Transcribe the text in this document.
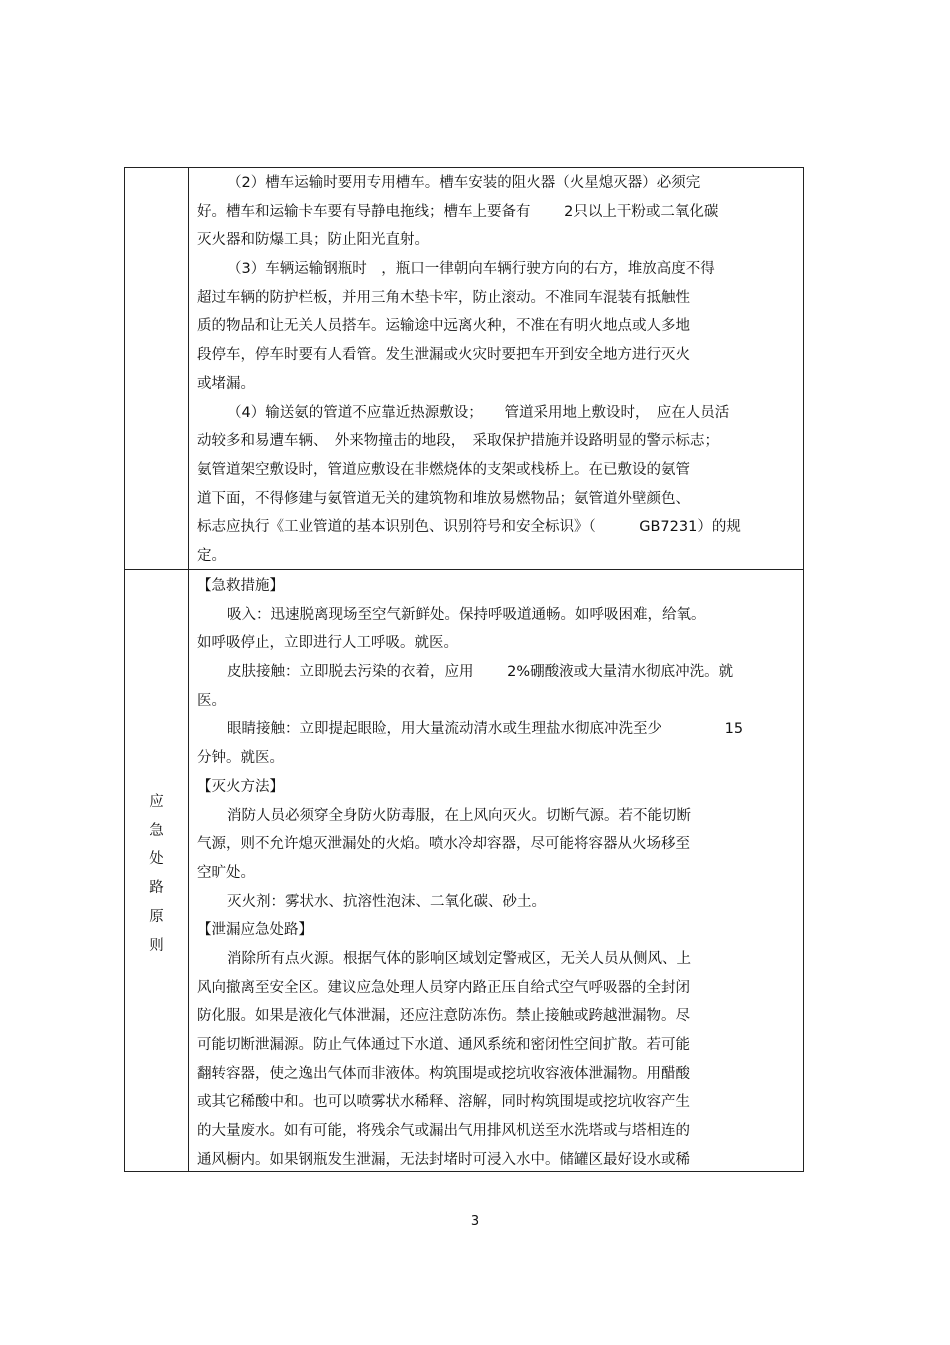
（2）槽车运输时要用专用槽车。槽车安装的阻火器（火星熄灭器）必须完
好。槽车和运输卡车要有导静电拖线；槽车上要备有　　 2只以上干粉或二氧化碳
灭火器和防爆工具；防止阳光直射。
（3）车辆运输钢瓶时　，瓶口一律朝向车辆行驶方向的右方，堆放高度不得
超过车辆的防护栏板，并用三角木垫卡牢，防止滚动。不准同车混装有抵触性
质的物品和让无关人员搭车。运输途中远离火种，不准在有明火地点或人多地
段停车，停车时要有人看管。发生泄漏或火灾时要把车开到安全地方进行灭火
或堵漏。
（4）输送氨的管道不应靠近热源敷设；　　管道采用地上敷设时，　应在人员活
动较多和易遭车辆、　外来物撞击的地段，　采取保护措施并设路明显的警示标志；
氨管道架空敷设时，管道应敷设在非燃烧体的支架或栈桥上。在已敷设的氨管
道下面，不得修建与氨管道无关的建筑物和堆放易燃物品；氨管道外壁颜色、
标志应执行《工业管道的基本识别色、识别符号和安全标识》（　　　GB7231）的规
定。
应
急
处
路
原
则
【急救措施】
吸入：迅速脱离现场至空气新鲜处。保持呼吸道通畅。如呼吸困难，给氧。
如呼吸停止，立即进行人工呼吸。就医。
皮肤接触：立即脱去污染的衣着，应用　　 2%硼酸液或大量清水彻底冲洗。就
医。
眼睛接触：立即提起眼睑，用大量流动清水或生理盐水彻底冲洗至少　　　　 15
分钟。就医。
【灭火方法】
消防人员必须穿全身防火防毒服，在上风向灭火。切断气源。若不能切断
气源，则不允许熄灭泄漏处的火焰。喷水冷却容器，尽可能将容器从火场移至
空旷处。
灭火剂：雾状水、抗溶性泡沫、二氧化碳、砂土。
【泄漏应急处路】
消除所有点火源。根据气体的影响区域划定警戒区，无关人员从侧风、上
风向撤离至安全区。建议应急处理人员穿内路正压自给式空气呼吸器的全封闭
防化服。如果是液化气体泄漏，还应注意防冻伤。禁止接触或跨越泄漏物。尽
可能切断泄漏源。防止气体通过下水道、通风系统和密闭性空间扩散。若可能
翻转容器，使之逸出气体而非液体。构筑围堤或挖坑收容液体泄漏物。用醋酸
或其它稀酸中和。也可以喷雾状水稀释、溶解，同时构筑围堤或挖坑收容产生
的大量废水。如有可能，将残余气或漏出气用排风机送至水洗塔或与塔相连的
通风橱内。如果钢瓶发生泄漏，无法封堵时可浸入水中。储罐区最好设水或稀
3
